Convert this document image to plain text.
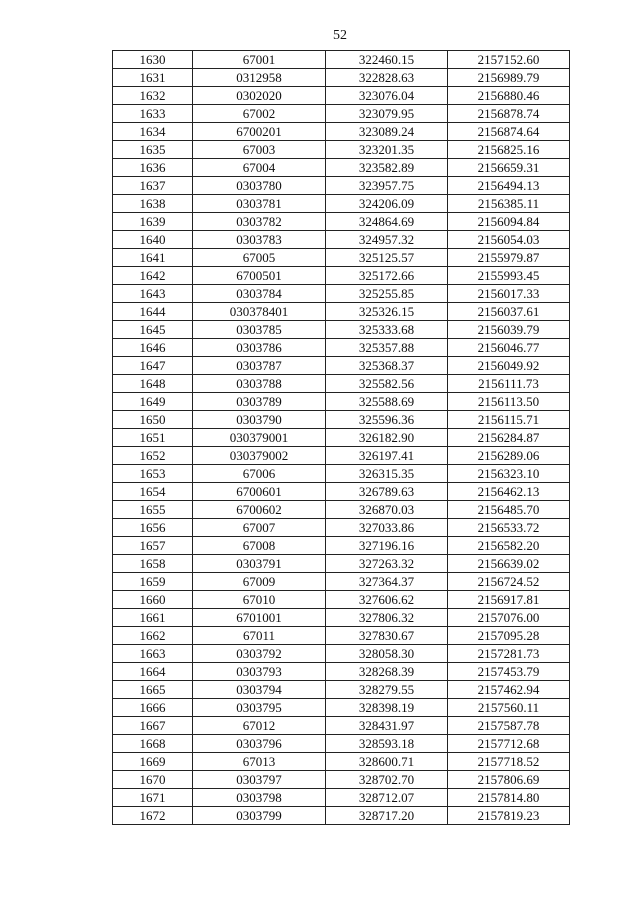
52
1630	67001	322460.15	2157152.60
1631	0312958	322828.63	2156989.79
1632	0302020	323076.04	2156880.46
1633	67002	323079.95	2156878.74
1634	6700201	323089.24	2156874.64
1635	67003	323201.35	2156825.16
1636	67004	323582.89	2156659.31
1637	0303780	323957.75	2156494.13
1638	0303781	324206.09	2156385.11
1639	0303782	324864.69	2156094.84
1640	0303783	324957.32	2156054.03
1641	67005	325125.57	2155979.87
1642	6700501	325172.66	2155993.45
1643	0303784	325255.85	2156017.33
1644	030378401	325326.15	2156037.61
1645	0303785	325333.68	2156039.79
1646	0303786	325357.88	2156046.77
1647	0303787	325368.37	2156049.92
1648	0303788	325582.56	2156111.73
1649	0303789	325588.69	2156113.50
1650	0303790	325596.36	2156115.71
1651	030379001	326182.90	2156284.87
1652	030379002	326197.41	2156289.06
1653	67006	326315.35	2156323.10
1654	6700601	326789.63	2156462.13
1655	6700602	326870.03	2156485.70
1656	67007	327033.86	2156533.72
1657	67008	327196.16	2156582.20
1658	0303791	327263.32	2156639.02
1659	67009	327364.37	2156724.52
1660	67010	327606.62	2156917.81
1661	6701001	327806.32	2157076.00
1662	67011	327830.67	2157095.28
1663	0303792	328058.30	2157281.73
1664	0303793	328268.39	2157453.79
1665	0303794	328279.55	2157462.94
1666	0303795	328398.19	2157560.11
1667	67012	328431.97	2157587.78
1668	0303796	328593.18	2157712.68
1669	67013	328600.71	2157718.52
1670	0303797	328702.70	2157806.69
1671	0303798	328712.07	2157814.80
1672	0303799	328717.20	2157819.23
